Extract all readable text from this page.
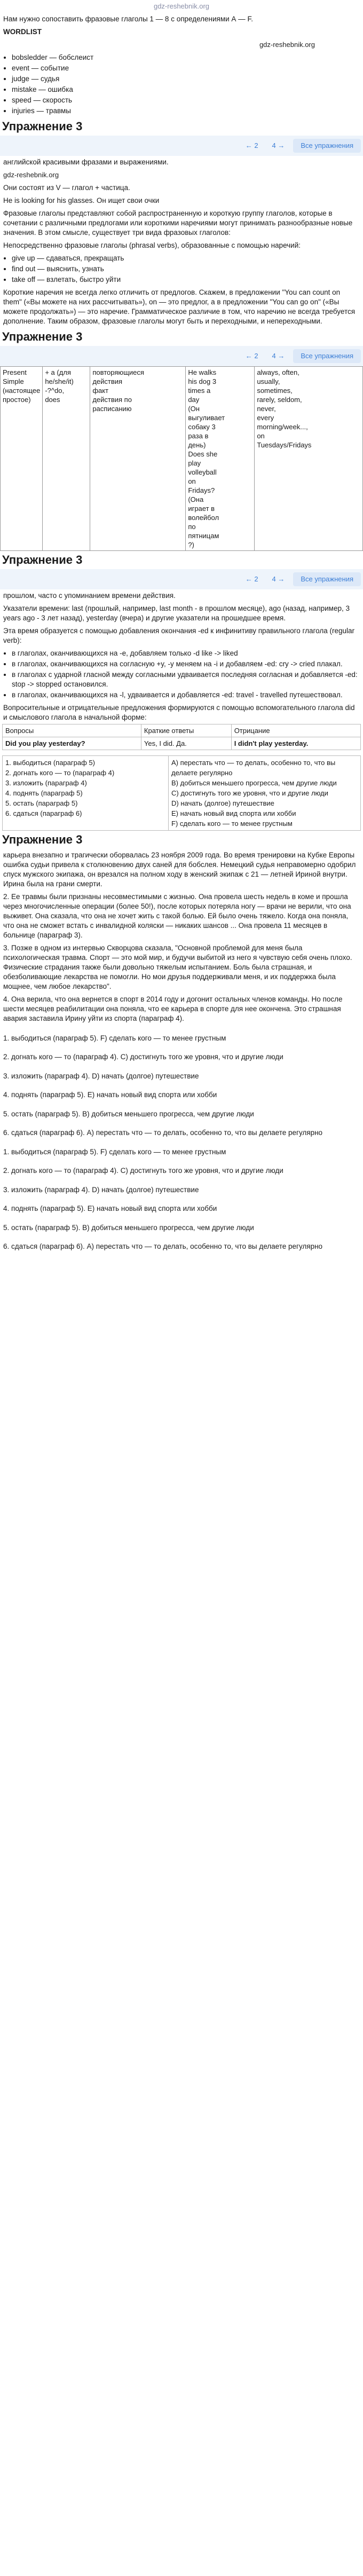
gdz-reshebnik.org

Нам нужно сопоставить фразовые глаголы 1 — 8 с определениями А — F.

WORDLIST

gdz-reshebnik.org

• bobsledder — бобслеист
• event — событие
• judge — судья
• mistake — ошибка
• speed — скорость
• injuries — травмы
Упражнение 3
← 2	4 →	Все упражнения

английской красивыми фразами и выражениями.

gdz-reshebnik.org

Они состоят из V — глагол + частица.

He is looking for his glasses. Он ищет свои очки

Фразовые глаголы представляют собой распространенную и короткую группу глаголов, которые в сочетании с различными предлогами или короткими наречиями могут принимать разнообразные новые значения. В этом смысле, существует три вида фразовых глаголов:

Непосредственно фразовые глаголы (phrasal verbs), образованные с помощью наречий:

• give up — сдаваться, прекращать
• find out — выяснить, узнать
• take off — взлетать, быстро уйти

Короткие наречия не всегда легко отличить от предлогов. Скажем, в предложении "You can count on them" («Вы можете на них рассчитывать»), on — это предлог, а в предложении "You can go on" («Вы можете продолжать») — это наречие. Грамматическое различие в том, что наречию не всегда требуется дополнение. Таким образом, фразовые глаголы могут быть и переходными, и непереходными.

Упражнение 3
← 2	4 →	Все упражнения
Present
Simple
(настоящее
простое)

+ a (для
he/she/it)
-?^do,
does

повторяющиеся
действия
факт
действия по
расписанию

He walks
his dog 3
times a
day
(Он
выгуливает
собаку 3
раза в
день)
Does she
play
volleyball
on
Fridays?
(Она
играет в
волейбол
по
пятницам
?)

always, often,
usually,
sometimes,
rarely, seldom,
never,
every
morning/week...,
on
Tuesdays/Fridays
Упражнение 3
← 2	4 →	Все упражнения

прошлом, часто с упоминанием времени действия.

Указатели времени: last (прошлый, например, last month - в прошлом месяце), ago (назад, например, 3 years ago - 3 лет назад), yesterday (вчера) и другие указатели на прошедшее время.

Эта время образуется с помощью добавления окончания -ed к инфинитиву правильного глагола (regular verb):

• в глаголах, оканчивающихся на -e, добавляем только -d like -> liked
• в глаголах, оканчивающихся на согласную +y, -y меняем на -i и добавляем -ed: cry -> cried плакал.
• в глаголах с ударной гласной между согласными удваивается последняя согласная и добавляется -ed: stop -> stopped остановился.
• в глаголах, оканчивающихся на -l, удваивается и добавляется -ed: travel - travelled путешествовал.

Вопросительные и отрицательные предложения формируются с помощью вспомогательного глагола did и смыслового глагола в начальной форме:

Вопросы	Краткие ответы	Отрицание
Did you play yesterday?	Yes, I did. Да.	I didn't play yesterday.
1. выбодиться (параграф 5)
2. догнать кого — то (параграф 4)
3. изложить (параграф 4)
4. поднять (параграф 5)
5. остать (параграф 5)
6. сдаться (параграф 6)

A) перестать что — то делать, особенно то, что вы делаете регулярно
B) добиться меньшего прогресса, чем другие люди
C) достигнуть того же уровня, что и другие люди
D) начать (долгое) путешествие
E) начать новый вид спорта или хобби
F) сделать кого — то менее грустным
Упражнение 3

карьера внезапно и трагически оборвалась 23 ноября 2009 года. Во время тренировки на Кубке Европы ошибка судьи привела к столкновению двух саней для бобслея. Немецкий судья неправомерно одобрил спуск мужского экипажа, он врезался на полном ходу в женский экипаж с 21 — летней Ириной внутри. Ирина была на грани смерти.

2. Ее травмы были признаны несовместимыми с жизнью. Она провела шесть недель в коме и прошла через многочисленные операции (более 50!), после которых потеряла ногу — врачи не верили, что она выживет. Она сказала, что она не хочет жить с такой болью. Ей было очень тяжело. Когда она поняла, что она не сможет встать с инвалидной коляски — никаких шансов ... Она провела 11 месяцев в больнице (параграф 3).

3. Позже в одном из интервью Скворцова сказала, "Основной проблемой для меня была психологическая травма. Спорт — это мой мир, и будучи выбитой из него я чувствую себя очень плохо. Физические страдания также были довольно тяжелым испытанием. Боль была страшная, и обезболивающие лекарства не помогли. Но мои друзья поддерживали меня, и их поддержка была мощнее, чем любое лекарство".

4. Она верила, что она вернется в спорт в 2014 году и догонит остальных членов команды. Но после шести месяцев реабилитации она поняла, что ее карьера в спорте для нее окончена. Это страшная авария заставила Ирину уйти из спорта (параграф 4).

1. выбодиться (параграф 5). F) сделать кого — то менее грустным

2. догнать кого — то (параграф 4). C) достигнуть того же уровня, что и другие люди

3. изложить (параграф 4). D) начать (долгое) путешествие

4. поднять (параграф 5). E) начать новый вид спорта или хобби

5. остать (параграф 5). B) добиться меньшего прогресса, чем другие люди

6. сдаться (параграф 6). A) перестать что — то делать, особенно то, что вы делаете регулярно

1. выбодиться (параграф 5). F) сделать кого — то менее грустным

2. догнать кого — то (параграф 4). C) достигнуть того же уровня, что и другие люди

3. изложить (параграф 4). D) начать (долгое) путешествие

4. поднять (параграф 5). E) начать новый вид спорта или хобби

5. остать (параграф 5). B) добиться меньшего прогресса, чем другие люди

6. сдаться (параграф 6). A) перестать что — то делать, особенно то, что вы делаете регулярно
